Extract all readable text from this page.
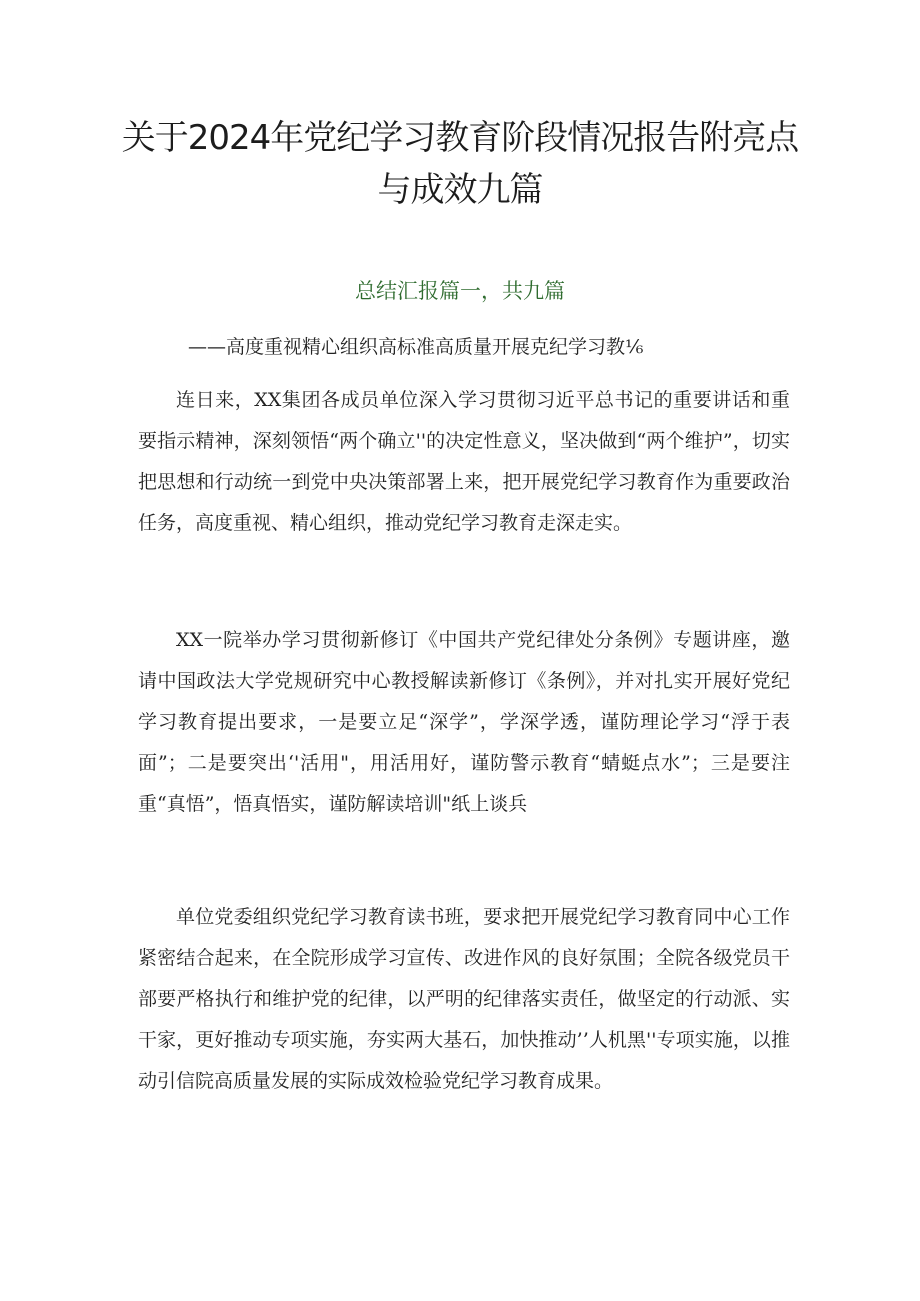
关于2024年党纪学习教育阶段情况报告附亮点与成效九篇
总结汇报篇一，共九篇
——高度重视精心组织高标准高质量开展克纪学习教⅙
连日来，XX集团各成员单位深入学习贯彻习近平总书记的重要讲话和重要指示精神，深刻领悟“两个确立''的决定性意义，坚决做到“两个维护”，切实把思想和行动统一到党中央决策部署上来，把开展党纪学习教育作为重要政治任务，高度重视、精心组织，推动党纪学习教育走深走实。
XX一院举办学习贯彻新修订《中国共产党纪律处分条例》专题讲座，邀请中国政法大学党规研究中心教授解读新修订《条例》，并对扎实开展好党纪学习教育提出要求，一是要立足“深学”，学深学透，谨防理论学习“浮于表面”；二是要突出‘'活用"，用活用好，谨防警示教育“蜻蜓点水”；三是要注重“真悟”，悟真悟实，谨防解读培训"纸上谈兵
单位党委组织党纪学习教育读书班，要求把开展党纪学习教育同中心工作紧密结合起来，在全院形成学习宣传、改进作风的良好氛围；全院各级党员干部要严格执行和维护党的纪律，以严明的纪律落实责任，做坚定的行动派、实干家，更好推动专项实施，夯实两大基石，加快推动’’人机黑''专项实施，以推动引信院高质量发展的实际成效检验党纪学习教育成果。
